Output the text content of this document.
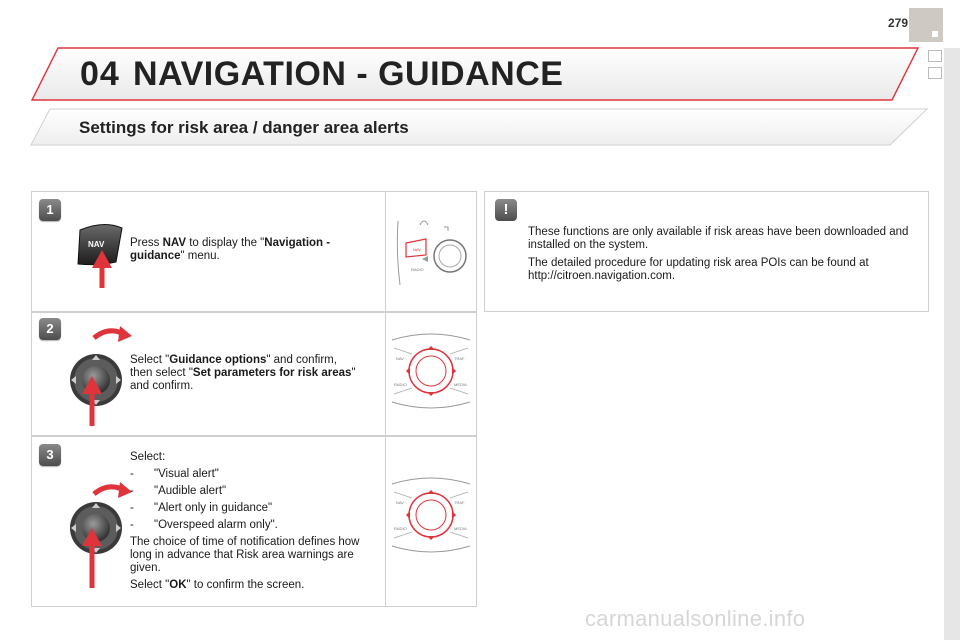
279
04 NAVIGATION - GUIDANCE
Settings for risk area / danger area alerts
1
NAV Press NAV to display the "Navigation - guidance" menu.

NAV
RADIO
2

Select "Guidance options" and confirm, then select "Set parameters for risk areas" and confirm.

NAV	TRAF
RADIO	MEDIA
3	Select:

-	"Visual alert"
-	"Audible alert"
-	"Alert only in guidance"
-	"Overspeed alarm only".

The choice of time of notification defines how long in advance that Risk area warnings are given.

Select "OK" to confirm the screen.

NAV	TRAF
RADIO	MEDIA
!

These functions are only available if risk areas have been downloaded and installed on the system.

The detailed procedure for updating risk area POIs can be found at http://citroen.navigation.com.

carmanualsonline.info
